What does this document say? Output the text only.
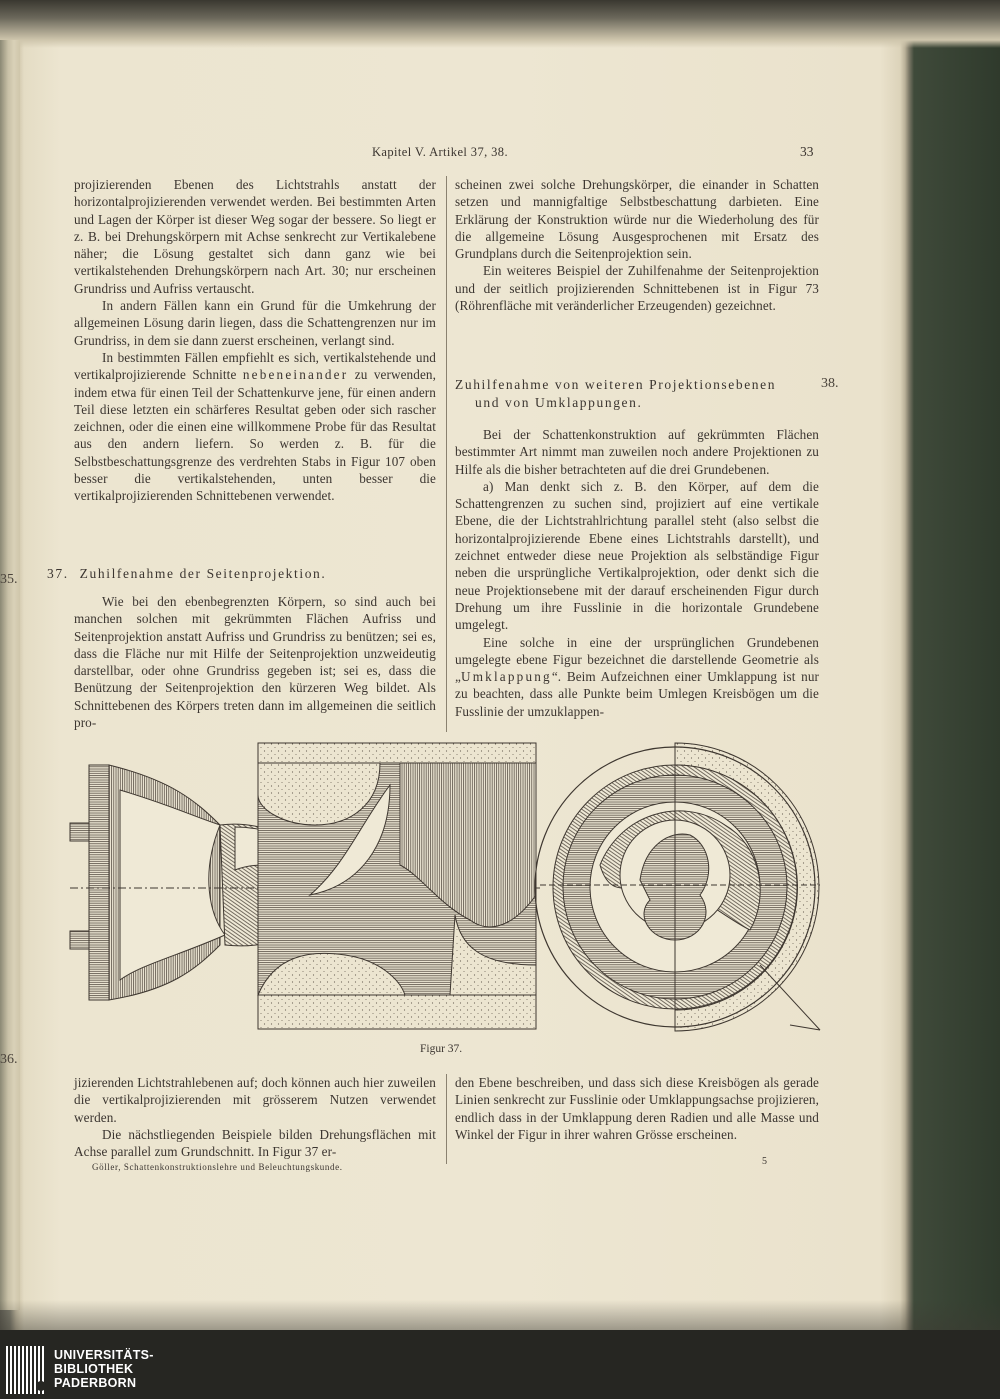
35.
36.
Kapitel V. Artikel 37, 38.	33

projizierenden Ebenen des Lichtstrahls anstatt der horizontalprojizierenden verwendet werden. Bei bestimmten Arten und Lagen der Körper ist dieser Weg sogar der bessere. So liegt er z. B. bei Drehungskörpern mit Achse senkrecht zur Vertikalebene näher; die Lösung gestaltet sich dann ganz wie bei vertikalstehenden Drehungskörpern nach Art. 30; nur erscheinen Grundriss und Aufriss vertauscht.

In andern Fällen kann ein Grund für die Umkehrung der allgemeinen Lösung darin liegen, dass die Schattengrenzen nur im Grundriss, in dem sie dann zuerst erscheinen, verlangt sind.

In bestimmten Fällen empfiehlt es sich, vertikalstehende und vertikalprojizierende Schnitte nebeneinander zu verwenden, indem etwa für einen Teil der Schattenkurve jene, für einen andern Teil diese letzten ein schärferes Resultat geben oder sich rascher zeichnen, oder die einen eine willkommene Probe für das Resultat aus den andern liefern. So werden z. B. für die Selbstbeschattungsgrenze des verdrehten Stabs in Figur 107 oben besser die vertikalstehenden, unten besser die vertikalprojizierenden Schnittebenen verwendet.

37. Zuhilfenahme der Seitenprojektion.

Wie bei den ebenbegrenzten Körpern, so sind auch bei manchen solchen mit gekrümmten Flächen Aufriss und Seitenprojektion anstatt Aufriss und Grundriss zu benützen; sei es, dass die Fläche nur mit Hilfe der Seitenprojektion unzweideutig darstellbar, oder ohne Grundriss gegeben ist; sei es, dass die Benützung der Seitenprojektion den kürzeren Weg bildet. Als Schnittebenen des Körpers treten dann im allgemeinen die seitlich pro-

scheinen zwei solche Drehungskörper, die einander in Schatten setzen und mannigfaltige Selbstbeschattung darbieten. Eine Erklärung der Konstruktion würde nur die Wiederholung des für die allgemeine Lösung Ausgesprochenen mit Ersatz des Grundplans durch die Seitenprojektion sein.

Ein weiteres Beispiel der Zuhilfenahme der Seitenprojektion und der seitlich projizierenden Schnittebenen ist in Figur 73 (Röhrenfläche mit veränderlicher Erzeugenden) gezeichnet.

Zuhilfenahme von weiteren Projektionsebenen
und von Umklappungen.
38.

Bei der Schattenkonstruktion auf gekrümmten Flächen bestimmter Art nimmt man zuweilen noch andere Projektionen zu Hilfe als die bisher betrachteten auf die drei Grundebenen.

a) Man denkt sich z. B. den Körper, auf dem die Schattengrenzen zu suchen sind, projiziert auf eine vertikale Ebene, die der Lichtstrahlrichtung parallel steht (also selbst die horizontalprojizierende Ebene eines Lichtstrahls darstellt), und zeichnet entweder diese neue Projektion als selbständige Figur neben die ursprüngliche Vertikalprojektion, oder denkt sich die neue Projektionsebene mit der darauf erscheinenden Figur durch Drehung um ihre Fusslinie in die horizontale Grundebene umgelegt.

Eine solche in eine der ursprünglichen Grundebenen umgelegte ebene Figur bezeichnet die darstellende Geometrie als „Umklappung“. Beim Aufzeichnen einer Umklappung ist nur zu beachten, dass alle Punkte beim Umlegen Kreisbögen um die Fusslinie der umzuklappen-

Figur 37.

jizierenden Lichtstrahlebenen auf; doch können auch hier zuweilen die vertikalprojizierenden mit grösserem Nutzen verwendet werden.

Die nächstliegenden Beispiele bilden Drehungsflächen mit Achse parallel zum Grundschnitt. In Figur 37 er-

den Ebene beschreiben, und dass sich diese Kreisbögen als gerade Linien senkrecht zur Fusslinie oder Umklappungsachse projizieren, endlich dass in der Umklappung deren Radien und alle Masse und Winkel der Figur in ihrer wahren Grösse erscheinen.

Göller, Schattenkonstruktionslehre und Beleuchtungskunde.	5
UNIVERSITÄTS-
BIBLIOTHEK
PADERBORN
